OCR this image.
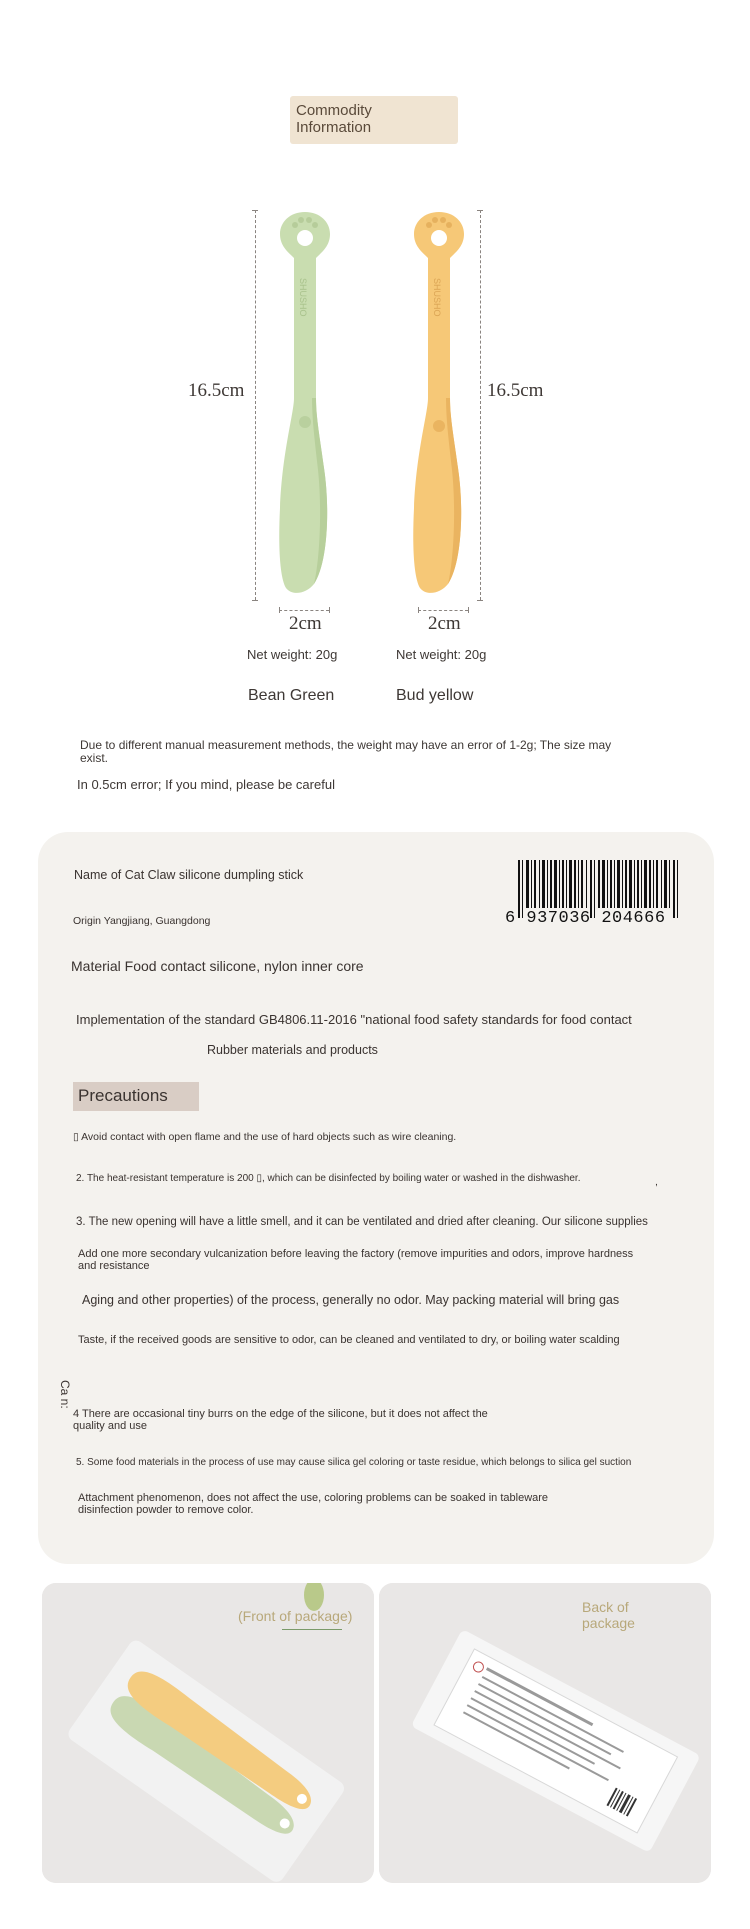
Commodity
Information
SHUSHO	SHUSHO
16.5cm	16.5cm
2cm	2cm
Net weight: 20g	Net weight: 20g
Bean Green	Bud yellow
Due to different manual measurement methods, the weight may have an error of 1-2g; The size may
exist.
In 0.5cm error; If you mind, please be careful
Name of Cat Claw silicone dumpling stick
Origin Yangjiang, Guangdong
Material Food contact silicone, nylon inner core
Implementation of the standard GB4806.11-2016 "national food safety standards for food contact
Rubber materials and products
6 937036 204666
Precautions
▯ Avoid contact with open flame and the use of hard objects such as wire cleaning.
2. The heat-resistant temperature is 200 ▯, which can be disinfected by boiling water or washed in the dishwasher.	,
3. The new opening will have a little smell, and it can be ventilated and dried after cleaning. Our silicone supplies
Add one more secondary vulcanization before leaving the factory (remove impurities and odors, improve hardness
and resistance
Aging and other properties) of the process, generally no odor. May packing material will bring gas
Taste, if the received goods are sensitive to odor, can be cleaned and ventilated to dry, or boiling water scalding
Ca n:
4 There are occasional tiny burrs on the edge of the silicone, but it does not affect the
quality and use
5. Some food materials in the process of use may cause silica gel coloring or taste residue, which belongs to silica gel suction
Attachment phenomenon, does not affect the use, coloring problems can be soaked in tableware
disinfection powder to remove color.
(Front of package)
Back of
package
